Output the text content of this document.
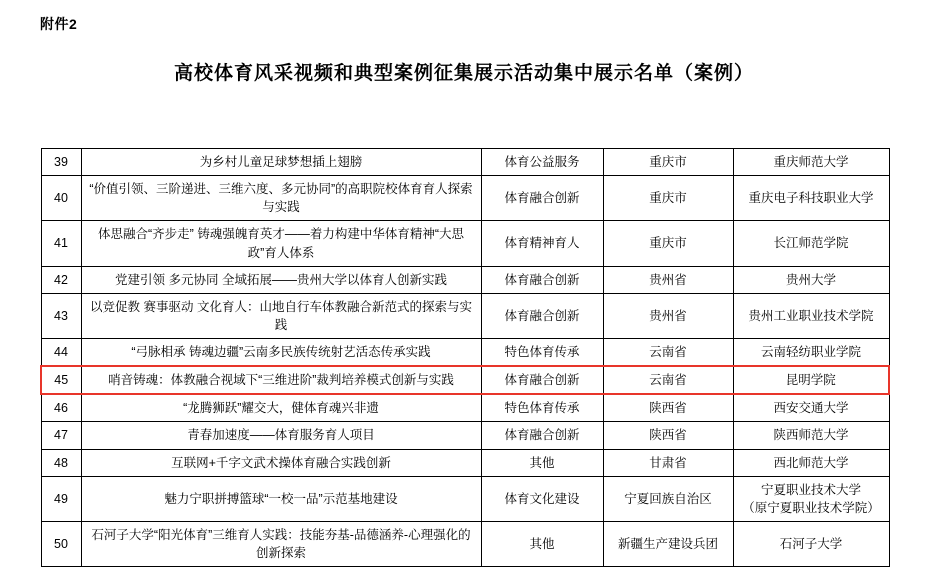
附件2
高校体育风采视频和典型案例征集展示活动集中展示名单（案例）
39	为乡村儿童足球梦想插上翅膀	体育公益服务	重庆市	重庆师范大学
40	“价值引领、三阶递进、三维六度、多元协同”的高职院校体育育人探索与实践	体育融合创新	重庆市	重庆电子科技职业大学
41	体思融合“齐步走” 铸魂强魄育英才——着力构建中华体育精神“大思政”育人体系	体育精神育人	重庆市	长江师范学院
42	党建引领 多元协同 全域拓展——贵州大学以体育人创新实践	体育融合创新	贵州省	贵州大学
43	以竞促教 赛事驱动 文化育人：山地自行车体教融合新范式的探索与实践	体育融合创新	贵州省	贵州工业职业技术学院
44	“弓脉相承 铸魂边疆”云南多民族传统射艺活态传承实践	特色体育传承	云南省	云南轻纺职业学院
45	哨音铸魂：体教融合视域下“三维进阶”裁判培养模式创新与实践	体育融合创新	云南省	昆明学院
46	“龙腾狮跃”耀交大，健体育魂兴非遗	特色体育传承	陕西省	西安交通大学
47	青春加速度——体育服务育人项目	体育融合创新	陕西省	陕西师范大学
48	互联网+千字文武术操体育融合实践创新	其他	甘肃省	西北师范大学
49	魅力宁职拼搏篮球“一校一品”示范基地建设	体育文化建设	宁夏回族自治区	宁夏职业技术大学
（原宁夏职业技术学院）

50	石河子大学“阳光体育”三维育人实践：技能夯基-品德涵养-心理强化的创新探索	其他	新疆生产建设兵团	石河子大学
